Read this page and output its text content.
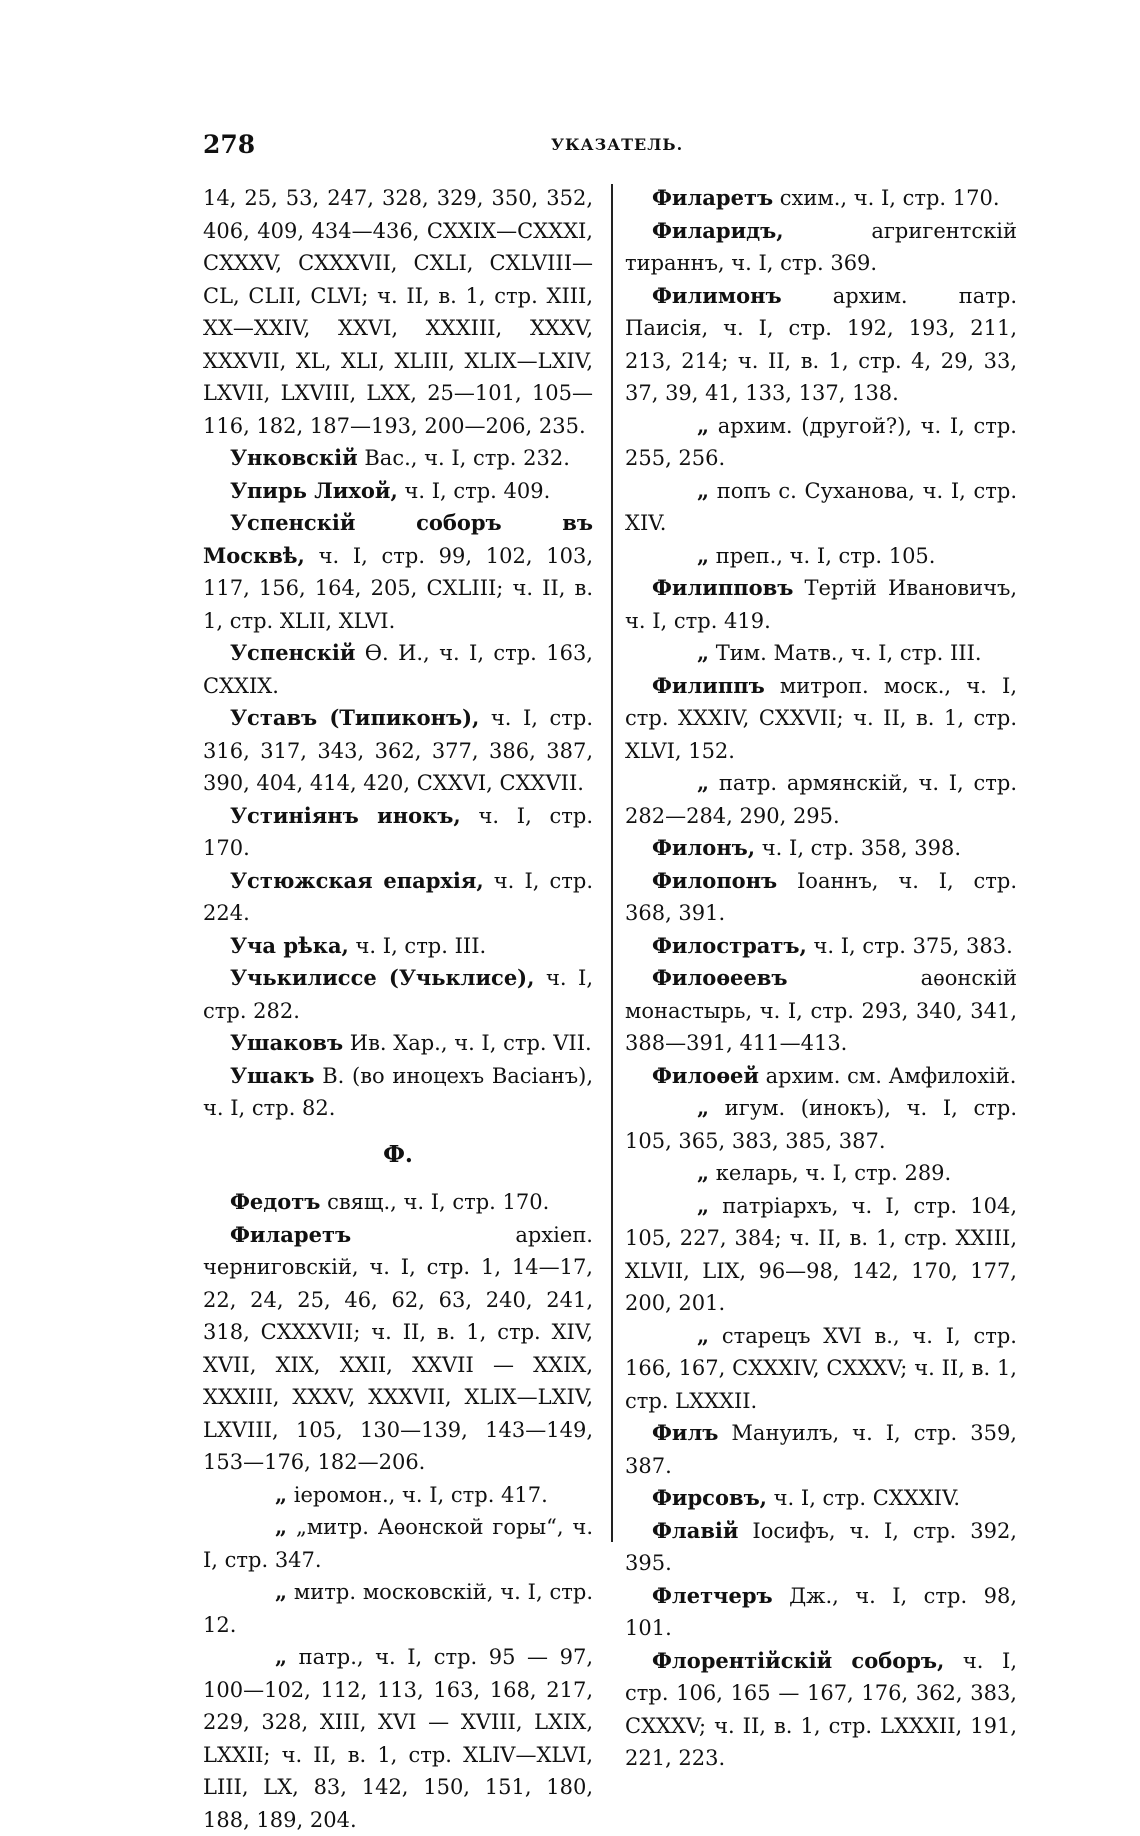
278	УКАЗАТЕЛЬ.
14, 25, 53, 247, 328, 329, 350, 352, 406, 409, 434—436, CXXIX—CXXXI, CXXXV, CXXXVII, CXLI, CXLVIII—CL, CLII, CLVI; ч. II, в. 1, стр. XIII, XX—XXIV, XXVI, XXXIII, XXXV, XXXVII, XL, XLI, XLIII, XLIX—LXIV, LXVII, LXVIII, LXX, 25—101, 105—116, 182, 187—193, 200—206, 235.
Унковскій Вас., ч. I, стр. 232.
Упирь Лихой, ч. I, стр. 409.
Успенскій соборъ въ Москвѣ, ч. I, стр. 99, 102, 103, 117, 156, 164, 205, CXLIII; ч. II, в. 1, стр. XLII, XLVI.
Успенскій Ѳ. И., ч. I, стр. 163, CXXIX.
Уставъ (Типиконъ), ч. I, стр. 316, 317, 343, 362, 377, 386, 387, 390, 404, 414, 420, CXXVI, CXXVII.
Устиніянъ инокъ, ч. I, стр. 170.
Устюжская епархія, ч. I, стр. 224.
Уча рѣка, ч. I, стр. III.
Учькилиссе (Учьклисе), ч. I, стр. 282.
Ушаковъ Ив. Хар., ч. I, стр. VII.
Ушакъ В. (во иноцехъ Васіанъ), ч. I, стр. 82.
Ф.
Федотъ свящ., ч. I, стр. 170.
Филаретъ архіеп. черниговскій, ч. I, стр. 1, 14—17, 22, 24, 25, 46, 62, 63, 240, 241, 318, CXXXVII; ч. II, в. 1, стр. XIV, XVII, XIX, XXII, XXVII — XXIX, XXXIII, XXXV, XXXVII, XLIX—LXIV, LXVIII, 105, 130—139, 143—149, 153—176, 182—206.
„ іеромон., ч. I, стр. 417.
„ „митр. Аѳонской горы“, ч. I, стр. 347.
„ митр. московскій, ч. I, стр. 12.
„ патр., ч. I, стр. 95 — 97, 100—102, 112, 113, 163, 168, 217, 229, 328, XIII, XVI — XVIII, LXIX, LXXII; ч. II, в. 1, стр. XLIV—XLVI, LIII, LX, 83, 142, 150, 151, 180, 188, 189, 204.
Филаретъ схим., ч. I, стр. 170.
Филаридъ, агригентскій тираннъ, ч. I, стр. 369.
Филимонъ архим. патр. Паисія, ч. I, стр. 192, 193, 211, 213, 214; ч. II, в. 1, стр. 4, 29, 33, 37, 39, 41, 133, 137, 138.
„ архим. (другой?), ч. I, стр. 255, 256.
„ попъ с. Суханова, ч. I, стр. XIV.
„ преп., ч. I, стр. 105.
Филипповъ Тертій Ивановичъ, ч. I, стр. 419.
„ Тим. Матв., ч. I, стр. III.
Филиппъ митроп. моск., ч. I, стр. XXXIV, CXXVII; ч. II, в. 1, стр. XLVI, 152.
„ патр. армянскій, ч. I, стр. 282—284, 290, 295.
Филонъ, ч. I, стр. 358, 398.
Филопонъ Іоаннъ, ч. I, стр. 368, 391.
Филостратъ, ч. I, стр. 375, 383.
Филоѳеевъ аѳонскій монастырь, ч. I, стр. 293, 340, 341, 388—391, 411—413.
Филоѳей архим. см. Амфилохій.
„ игум. (инокъ), ч. I, стр. 105, 365, 383, 385, 387.
„ келарь, ч. I, стр. 289.
„ патріархъ, ч. I, стр. 104, 105, 227, 384; ч. II, в. 1, стр. XXIII, XLVII, LIX, 96—98, 142, 170, 177, 200, 201.
„ старецъ XVI в., ч. I, стр. 166, 167, CXXXIV, CXXXV; ч. II, в. 1, стр. LXXXII.
Филъ Мануилъ, ч. I, стр. 359, 387.
Фирсовъ, ч. I, стр. CXXXIV.
Флавій Іосифъ, ч. I, стр. 392, 395.
Флетчеръ Дж., ч. I, стр. 98, 101.
Флорентійскій соборъ, ч. I, стр. 106, 165 — 167, 176, 362, 383, CXXXV; ч. II, в. 1, стр. LXXXII, 191, 221, 223.
